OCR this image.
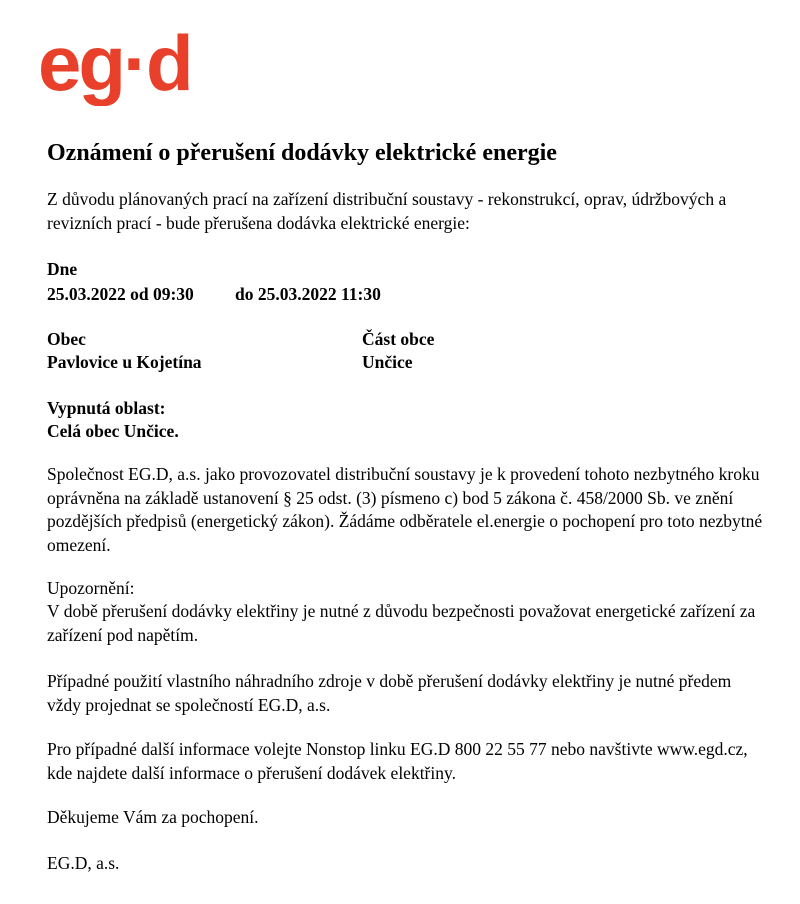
eg·d
Oznámení o přerušení dodávky elektrické energie

Z důvodu plánovaných prací na zařízení distribuční soustavy - rekonstrukcí, oprav, údržbových a revizních prací - bude přerušena dodávka elektrické energie:

Dne
25.03.2022 od 09:30 do 25.03.2022 11:30
Obec	Část obce
Pavlovice u Kojetína	Unčice
Vypnutá oblast:
Celá obec Unčice.

Společnost EG.D, a.s. jako provozovatel distribuční soustavy je k provedení tohoto nezbytného kroku oprávněna na základě ustanovení § 25 odst. (3) písmeno c) bod 5 zákona č. 458/2000 Sb. ve znění pozdějších předpisů (energetický zákon). Žádáme odběratele el.energie o pochopení pro toto nezbytné omezení.

Upozornění:

V době přerušení dodávky elektřiny je nutné z důvodu bezpečnosti považovat energetické zařízení za zařízení pod napětím.

Případné použití vlastního náhradního zdroje v době přerušení dodávky elektřiny je nutné předem vždy projednat se společností EG.D, a.s.

Pro případné další informace volejte Nonstop linku EG.D 800 22 55 77 nebo navštivte www.egd.cz, kde najdete další informace o přerušení dodávek elektřiny.

Děkujeme Vám za pochopení.

EG.D, a.s.
